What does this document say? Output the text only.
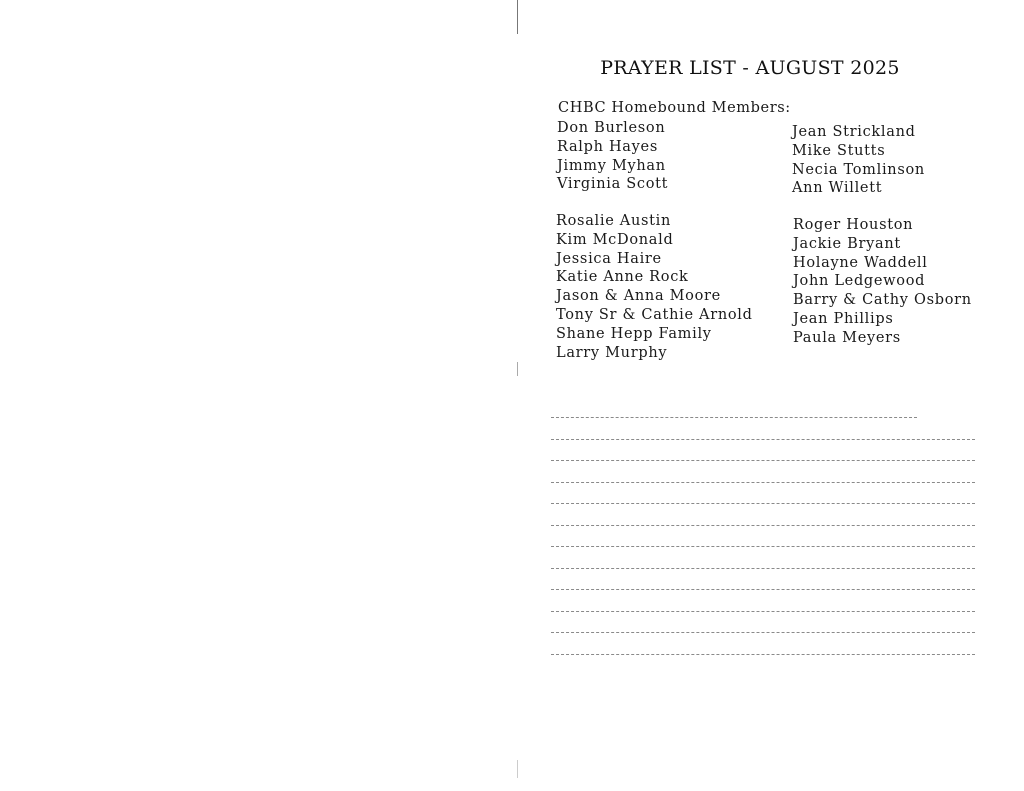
PRAYER LIST - AUGUST 2025
CHBC Homebound Members:
Don Burleson
Ralph Hayes
Jimmy Myhan
Virginia Scott
Jean Strickland
Mike Stutts
Necia Tomlinson
Ann Willett
Rosalie Austin
Kim McDonald
Jessica Haire
Katie Anne Rock
Jason & Anna Moore
Tony Sr & Cathie Arnold
Shane Hepp Family
Larry Murphy
Roger Houston
Jackie Bryant
Holayne Waddell
John Ledgewood
Barry & Cathy Osborn
Jean Phillips
Paula Meyers
